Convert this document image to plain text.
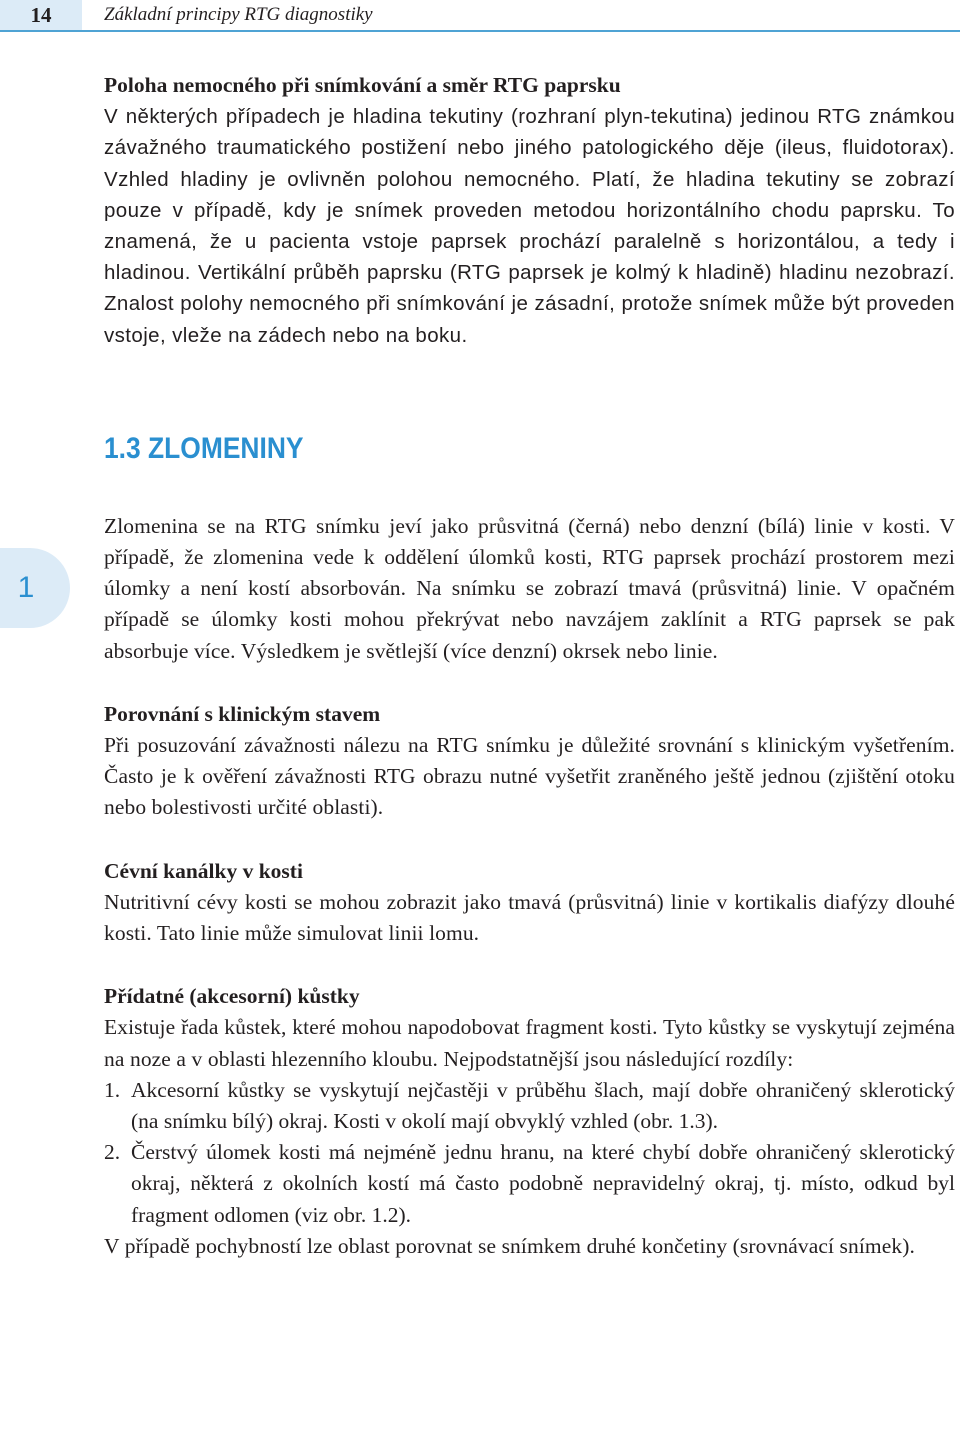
14	Základní principy RTG diagnostiky
1

Poloha nemocného při snímkování a směr RTG paprsku

V některých případech je hladina tekutiny (rozhraní plyn-tekutina) jedinou RTG známkou závažného traumatického postižení nebo jiného patologického děje (ileus, fluidotorax). Vzhled hladiny je ovlivněn polohou nemocného. Platí, že hladina tekutiny se zobrazí pouze v případě, kdy je snímek proveden metodou horizontálního chodu paprsku. To znamená, že u pacienta vstoje paprsek prochází paralelně s horizontálou, a tedy i hladinou. Vertikální průběh paprsku (RTG paprsek je kolmý k hladině) hladinu nezobrazí. Znalost polohy nemocného při snímkování je zásadní, protože snímek může být proveden vstoje, vleže na zádech nebo na boku.

1.3 ZLOMENINY

Zlomenina se na RTG snímku jeví jako průsvitná (černá) nebo denzní (bílá) linie v kosti. V případě, že zlomenina vede k oddělení úlomků kosti, RTG paprsek prochází prostorem mezi úlomky a není kostí absorbován. Na snímku se zobrazí tmavá (průsvitná) linie. V opačném případě se úlomky kosti mohou překrývat nebo navzájem zaklínit a RTG paprsek se pak absorbuje více. Výsledkem je světlejší (více denzní) okrsek nebo linie.

Porovnání s klinickým stavem

Při posuzování závažnosti nálezu na RTG snímku je důležité srovnání s klinickým vyšetřením. Často je k ověření závažnosti RTG obrazu nutné vyšetřit zraněného ještě jednou (zjištění otoku nebo bolestivosti určité oblasti).

Cévní kanálky v kosti

Nutritivní cévy kosti se mohou zobrazit jako tmavá (průsvitná) linie v kortikalis diafýzy dlouhé kosti. Tato linie může simulovat linii lomu.

Přídatné (akcesorní) kůstky

Existuje řada kůstek, které mohou napodobovat fragment kosti. Tyto kůstky se vyskytují zejména na noze a v oblasti hlezenního kloubu. Nejpodstatnější jsou následující rozdíly:

1. Akcesorní kůstky se vyskytují nejčastěji v průběhu šlach, mají dobře ohraničený sklerotický (na snímku bílý) okraj. Kosti v okolí mají obvyklý vzhled (obr. 1.3).
2. Čerstvý úlomek kosti má nejméně jednu hranu, na které chybí dobře ohraničený sklerotický okraj, některá z okolních kostí má často podobně nepravidelný okraj, tj. místo, odkud byl fragment odlomen (viz obr. 1.2).

V případě pochybností lze oblast porovnat se snímkem druhé končetiny (srovnávací snímek).
